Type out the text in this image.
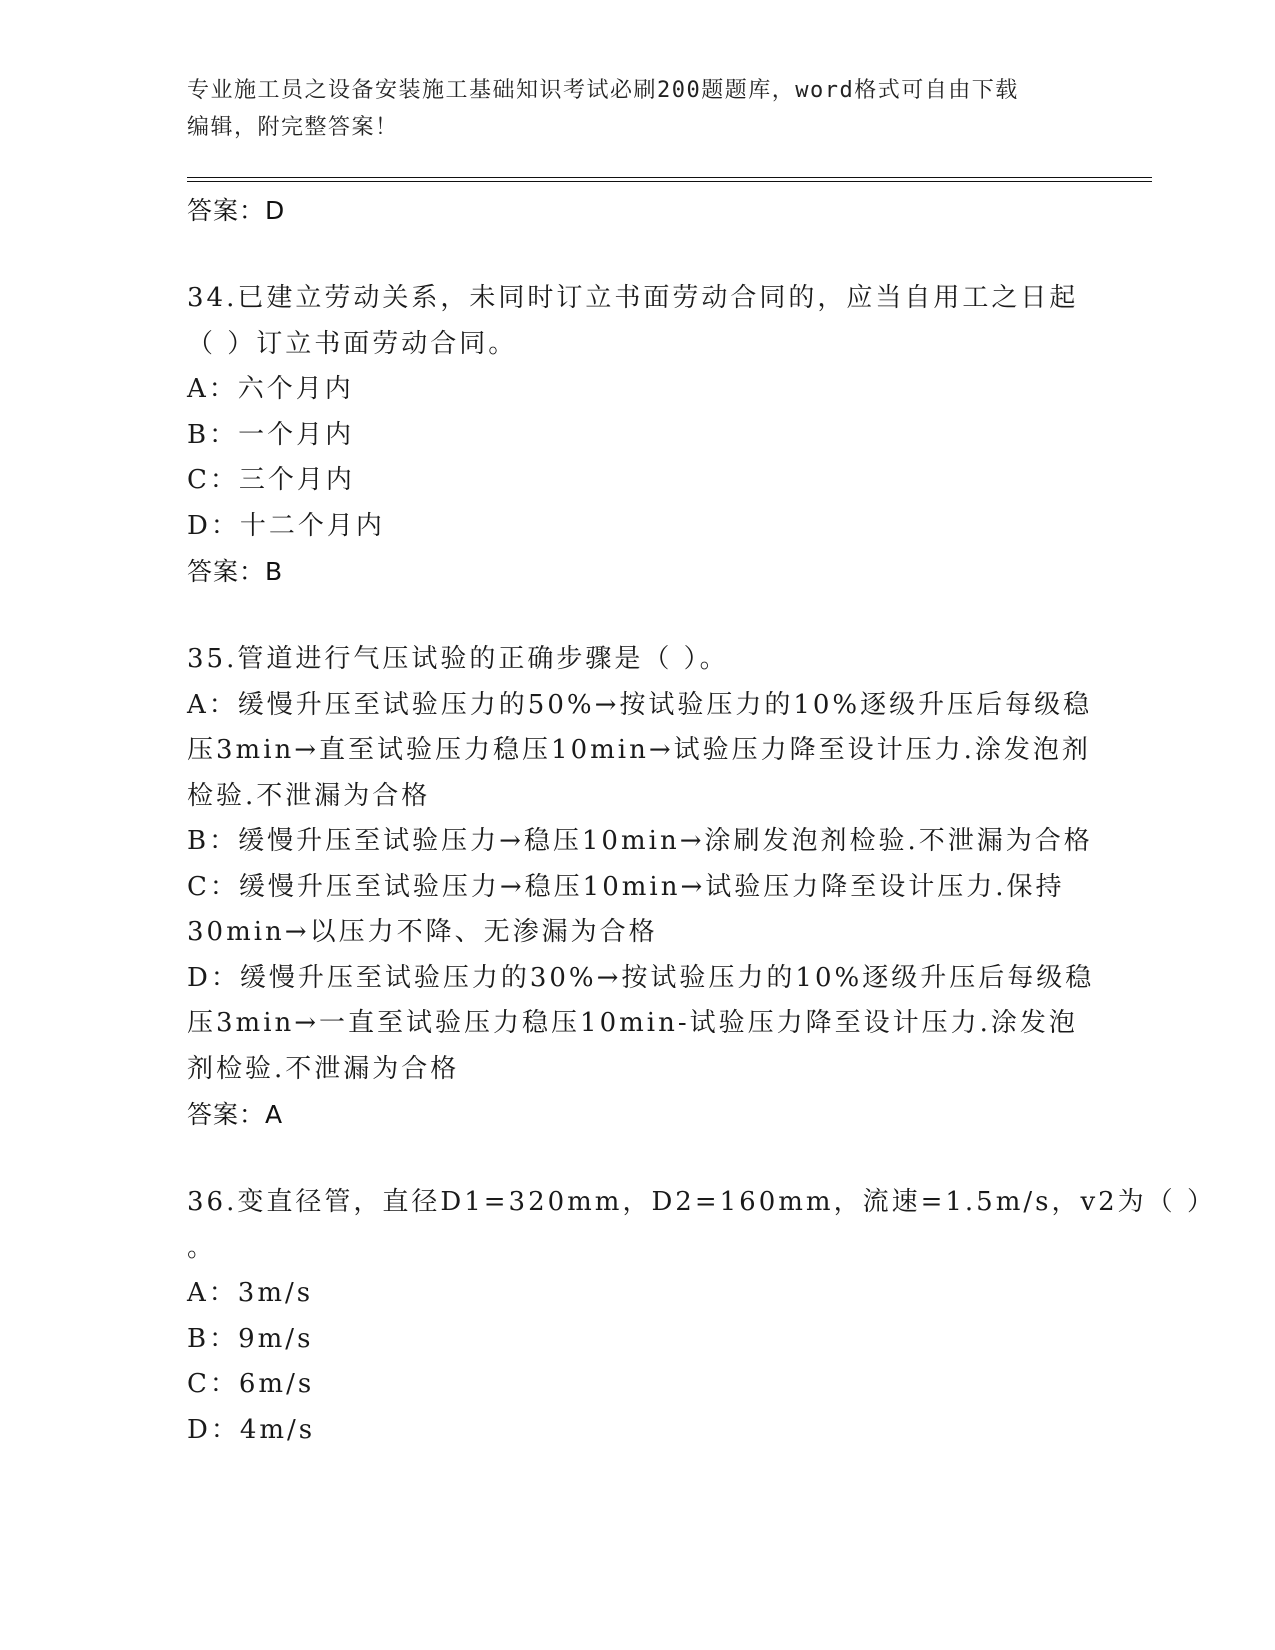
专业施工员之设备安装施工基础知识考试必刷200题题库，word格式可自由下载
编辑，附完整答案！
答案：D
34.已建立劳动关系，未同时订立书面劳动合同的，应当自用工之日起
（ ）订立书面劳动合同。
A：六个月内
B：一个月内
C：三个月内
D：十二个月内
答案：B
35.管道进行气压试验的正确步骤是（ ）。
A：缓慢升压至试验压力的50%→按试验压力的10%逐级升压后每级稳
压3min→直至试验压力稳压10min→试验压力降至设计压力.涂发泡剂
检验.不泄漏为合格
B：缓慢升压至试验压力→稳压10min→涂刷发泡剂检验.不泄漏为合格
C：缓慢升压至试验压力→稳压10min→试验压力降至设计压力.保持
30min→以压力不降、无渗漏为合格
D：缓慢升压至试验压力的30%→按试验压力的10%逐级升压后每级稳
压3min→一直至试验压力稳压10min-试验压力降至设计压力.涂发泡
剂检验.不泄漏为合格
答案：A
36.变直径管，直径D1=320mm，D2=160mm，流速=1.5m/s，v2为（ ）
。
A：3m/s
B：9m/s
C：6m/s
D：4m/s
